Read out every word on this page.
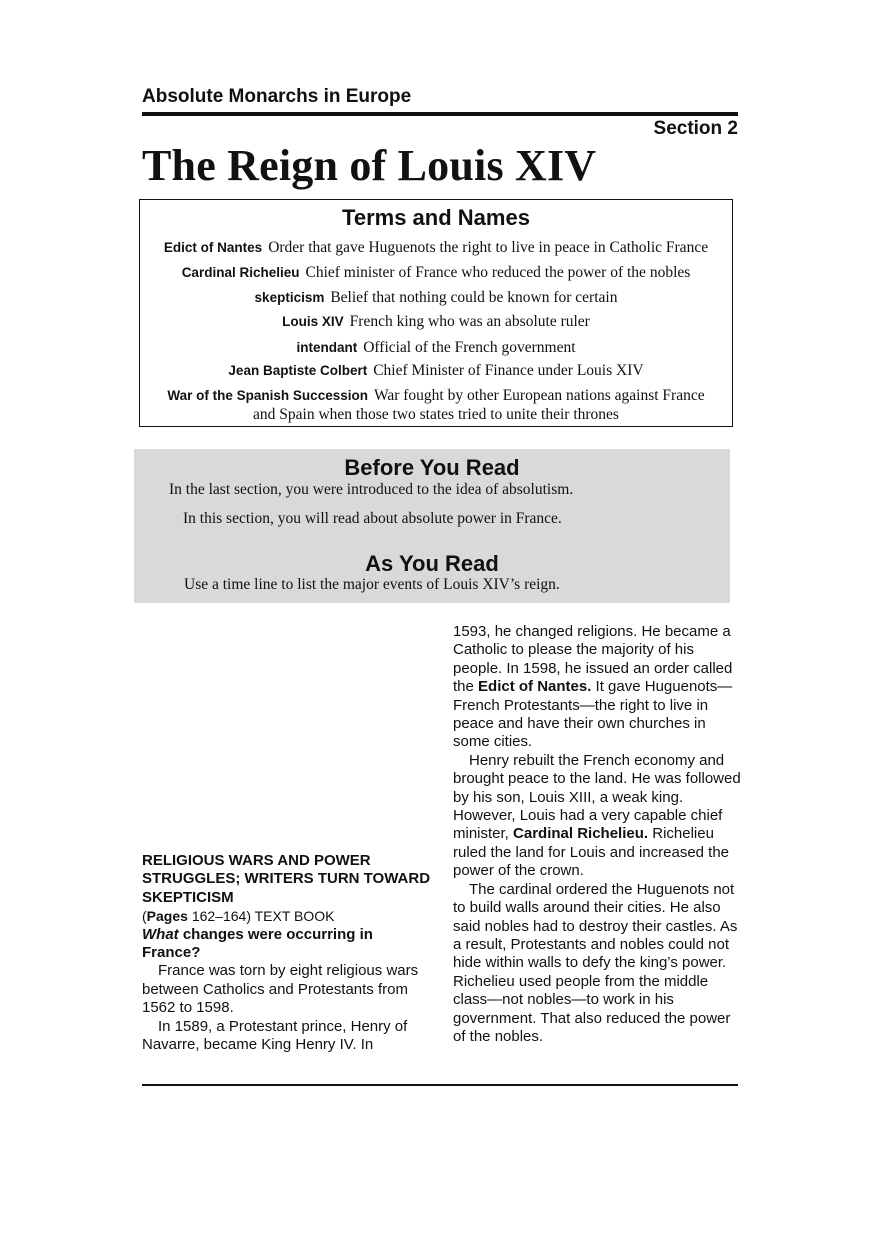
Absolute Monarchs in Europe
Section 2
The Reign of Louis XIV
Terms and Names
Edict of Nantes Order that gave Huguenots the right to live in peace in Catholic France
Cardinal Richelieu Chief minister of France who reduced the power of the nobles
skepticism Belief that nothing could be known for certain
Louis XIV French king who was an absolute ruler
intendant Official of the French government
Jean Baptiste Colbert Chief Minister of Finance under Louis XIV
War of the Spanish Succession War fought by other European nations against France
and Spain when those two states tried to unite their thrones
Before You Read
In the last section, you were introduced to the idea of absolutism.
In this section, you will read about absolute power in France.
As You Read
Use a time line to list the major events of Louis XIV’s reign.

RELIGIOUS WARS AND POWER STRUGGLES; WRITERS TURN TOWARD SKEPTICISM

(Pages 162–164) TEXT BOOK

What changes were occurring in France?

France was torn by eight religious wars between Catholics and Protestants from 1562 to 1598.

In 1589, a Protestant prince, Henry of Navarre, became King Henry IV. In

1593, he changed religions. He became a Catholic to please the majority of his people. In 1598, he issued an order called the Edict of Nantes. It gave Huguenots—French Protestants—the right to live in peace and have their own churches in some cities.

Henry rebuilt the French economy and brought peace to the land. He was followed by his son, Louis XIII, a weak king. However, Louis had a very capable chief minister, Cardinal Richelieu. Richelieu ruled the land for Louis and increased the power of the crown.

The cardinal ordered the Huguenots not to build walls around their cities. He also said nobles had to destroy their castles. As a result, Protestants and nobles could not hide within walls to defy the king’s power. Richelieu used people from the middle class—not nobles—to work in his government. That also reduced the power of the nobles.
